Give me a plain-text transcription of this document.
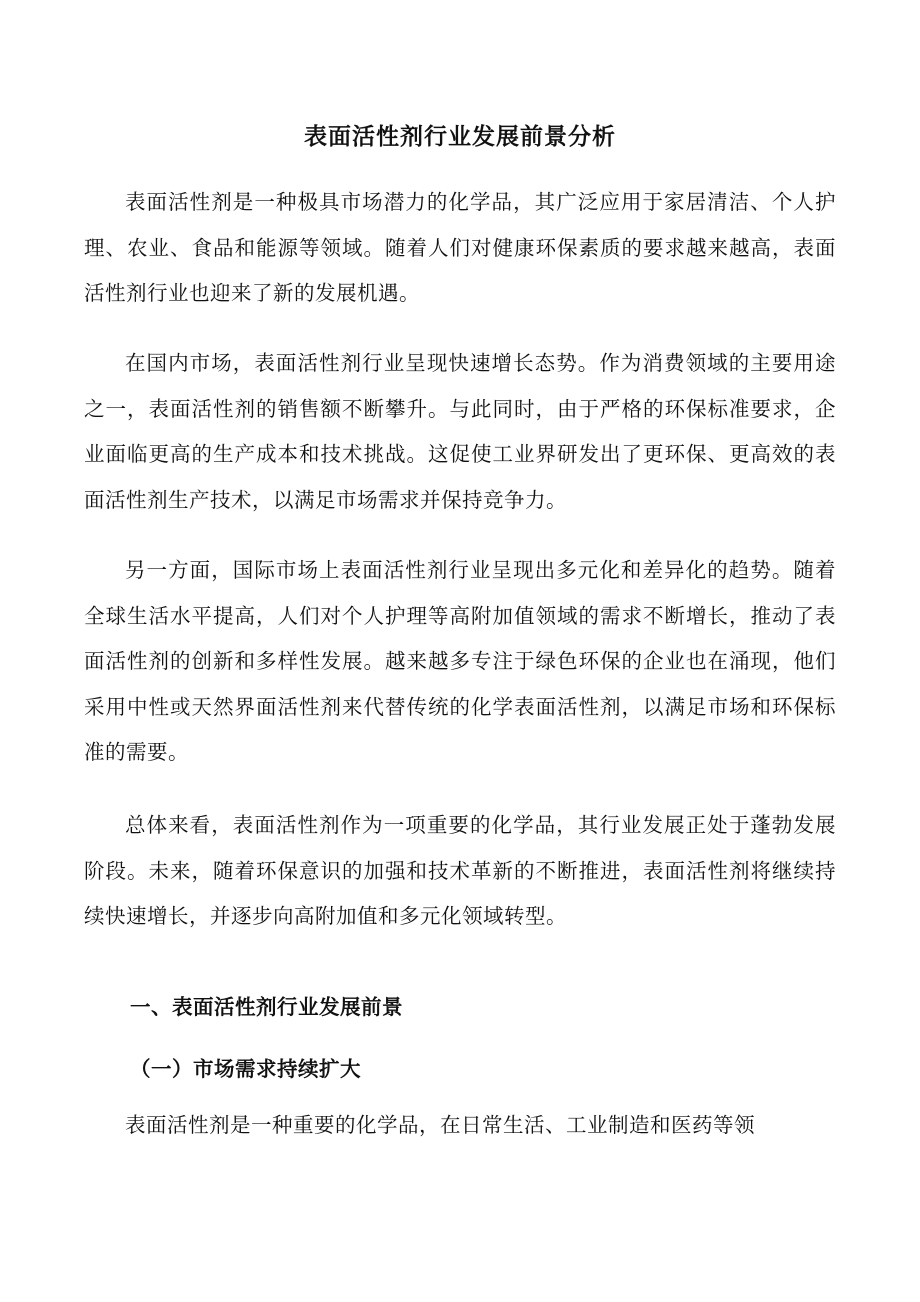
表面活性剂行业发展前景分析

表面活性剂是一种极具市场潜力的化学品，其广泛应用于家居清洁、个人护理、农业、食品和能源等领域。随着人们对健康环保素质的要求越来越高，表面活性剂行业也迎来了新的发展机遇。

在国内市场，表面活性剂行业呈现快速增长态势。作为消费领域的主要用途之一，表面活性剂的销售额不断攀升。与此同时，由于严格的环保标准要求，企业面临更高的生产成本和技术挑战。这促使工业界研发出了更环保、更高效的表面活性剂生产技术，以满足市场需求并保持竞争力。

另一方面，国际市场上表面活性剂行业呈现出多元化和差异化的趋势。随着全球生活水平提高，人们对个人护理等高附加值领域的需求不断增长，推动了表面活性剂的创新和多样性发展。越来越多专注于绿色环保的企业也在涌现，他们采用中性或天然界面活性剂来代替传统的化学表面活性剂，以满足市场和环保标准的需要。

总体来看，表面活性剂作为一项重要的化学品，其行业发展正处于蓬勃发展阶段。未来，随着环保意识的加强和技术革新的不断推进，表面活性剂将继续持续快速增长，并逐步向高附加值和多元化领域转型。

一、表面活性剂行业发展前景
（一）市场需求持续扩大

表面活性剂是一种重要的化学品，在日常生活、工业制造和医药等领
